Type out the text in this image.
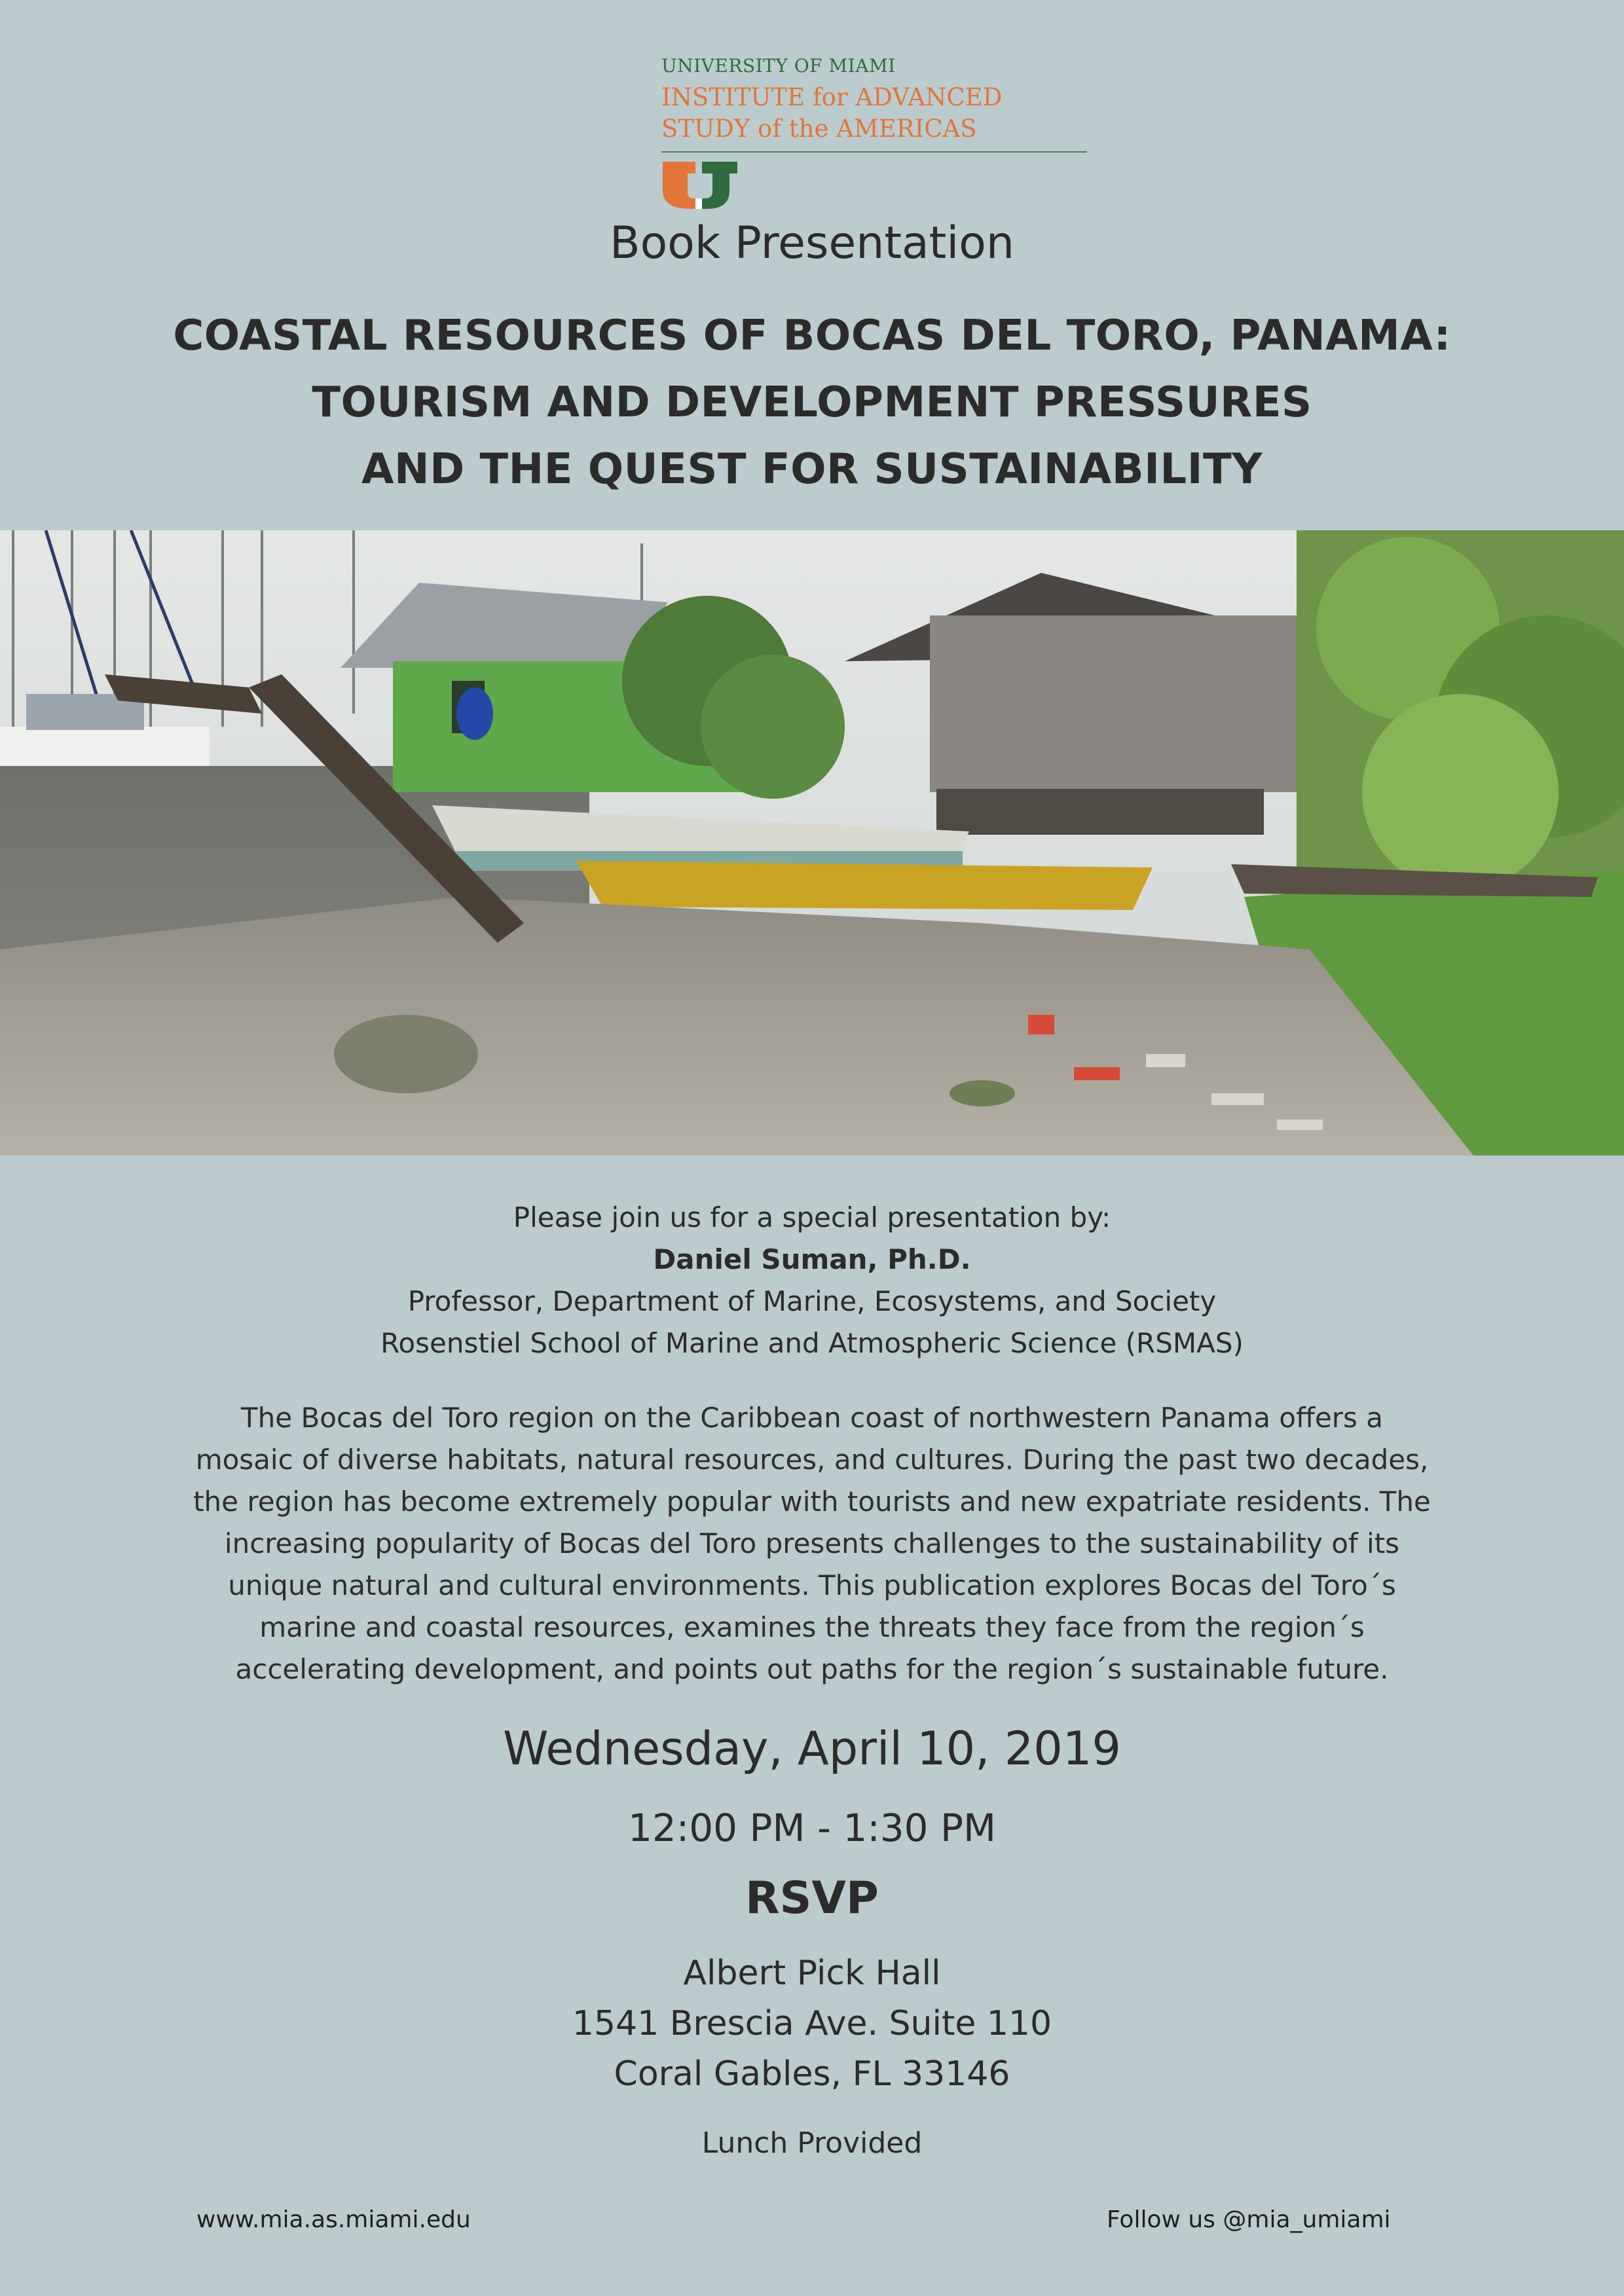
UNIVERSITY OF MIAMI
INSTITUTE for ADVANCED
STUDY of the AMERICAS
Book Presentation
COASTAL RESOURCES OF BOCAS DEL TORO, PANAMA:
TOURISM AND DEVELOPMENT PRESSURES
AND THE QUEST FOR SUSTAINABILITY
Please join us for a special presentation by:
Daniel Suman, Ph.D.
Professor, Department of Marine, Ecosystems, and Society
Rosenstiel School of Marine and Atmospheric Science (RSMAS)
The Bocas del Toro region on the Caribbean coast of northwestern Panama offers a
mosaic of diverse habitats, natural resources, and cultures. During the past two decades,
the region has become extremely popular with tourists and new expatriate residents. The
increasing popularity of Bocas del Toro presents challenges to the sustainability of its
unique natural and cultural environments. This publication explores Bocas del Toro´s
marine and coastal resources, examines the threats they face from the region´s
accelerating development, and points out paths for the region´s sustainable future.
Wednesday, April 10, 2019
12:00 PM - 1:30 PM
RSVP
Albert Pick Hall
1541 Brescia Ave. Suite 110
Coral Gables, FL 33146
Lunch Provided
www.mia.as.miami.edu	Follow us @mia_umiami
